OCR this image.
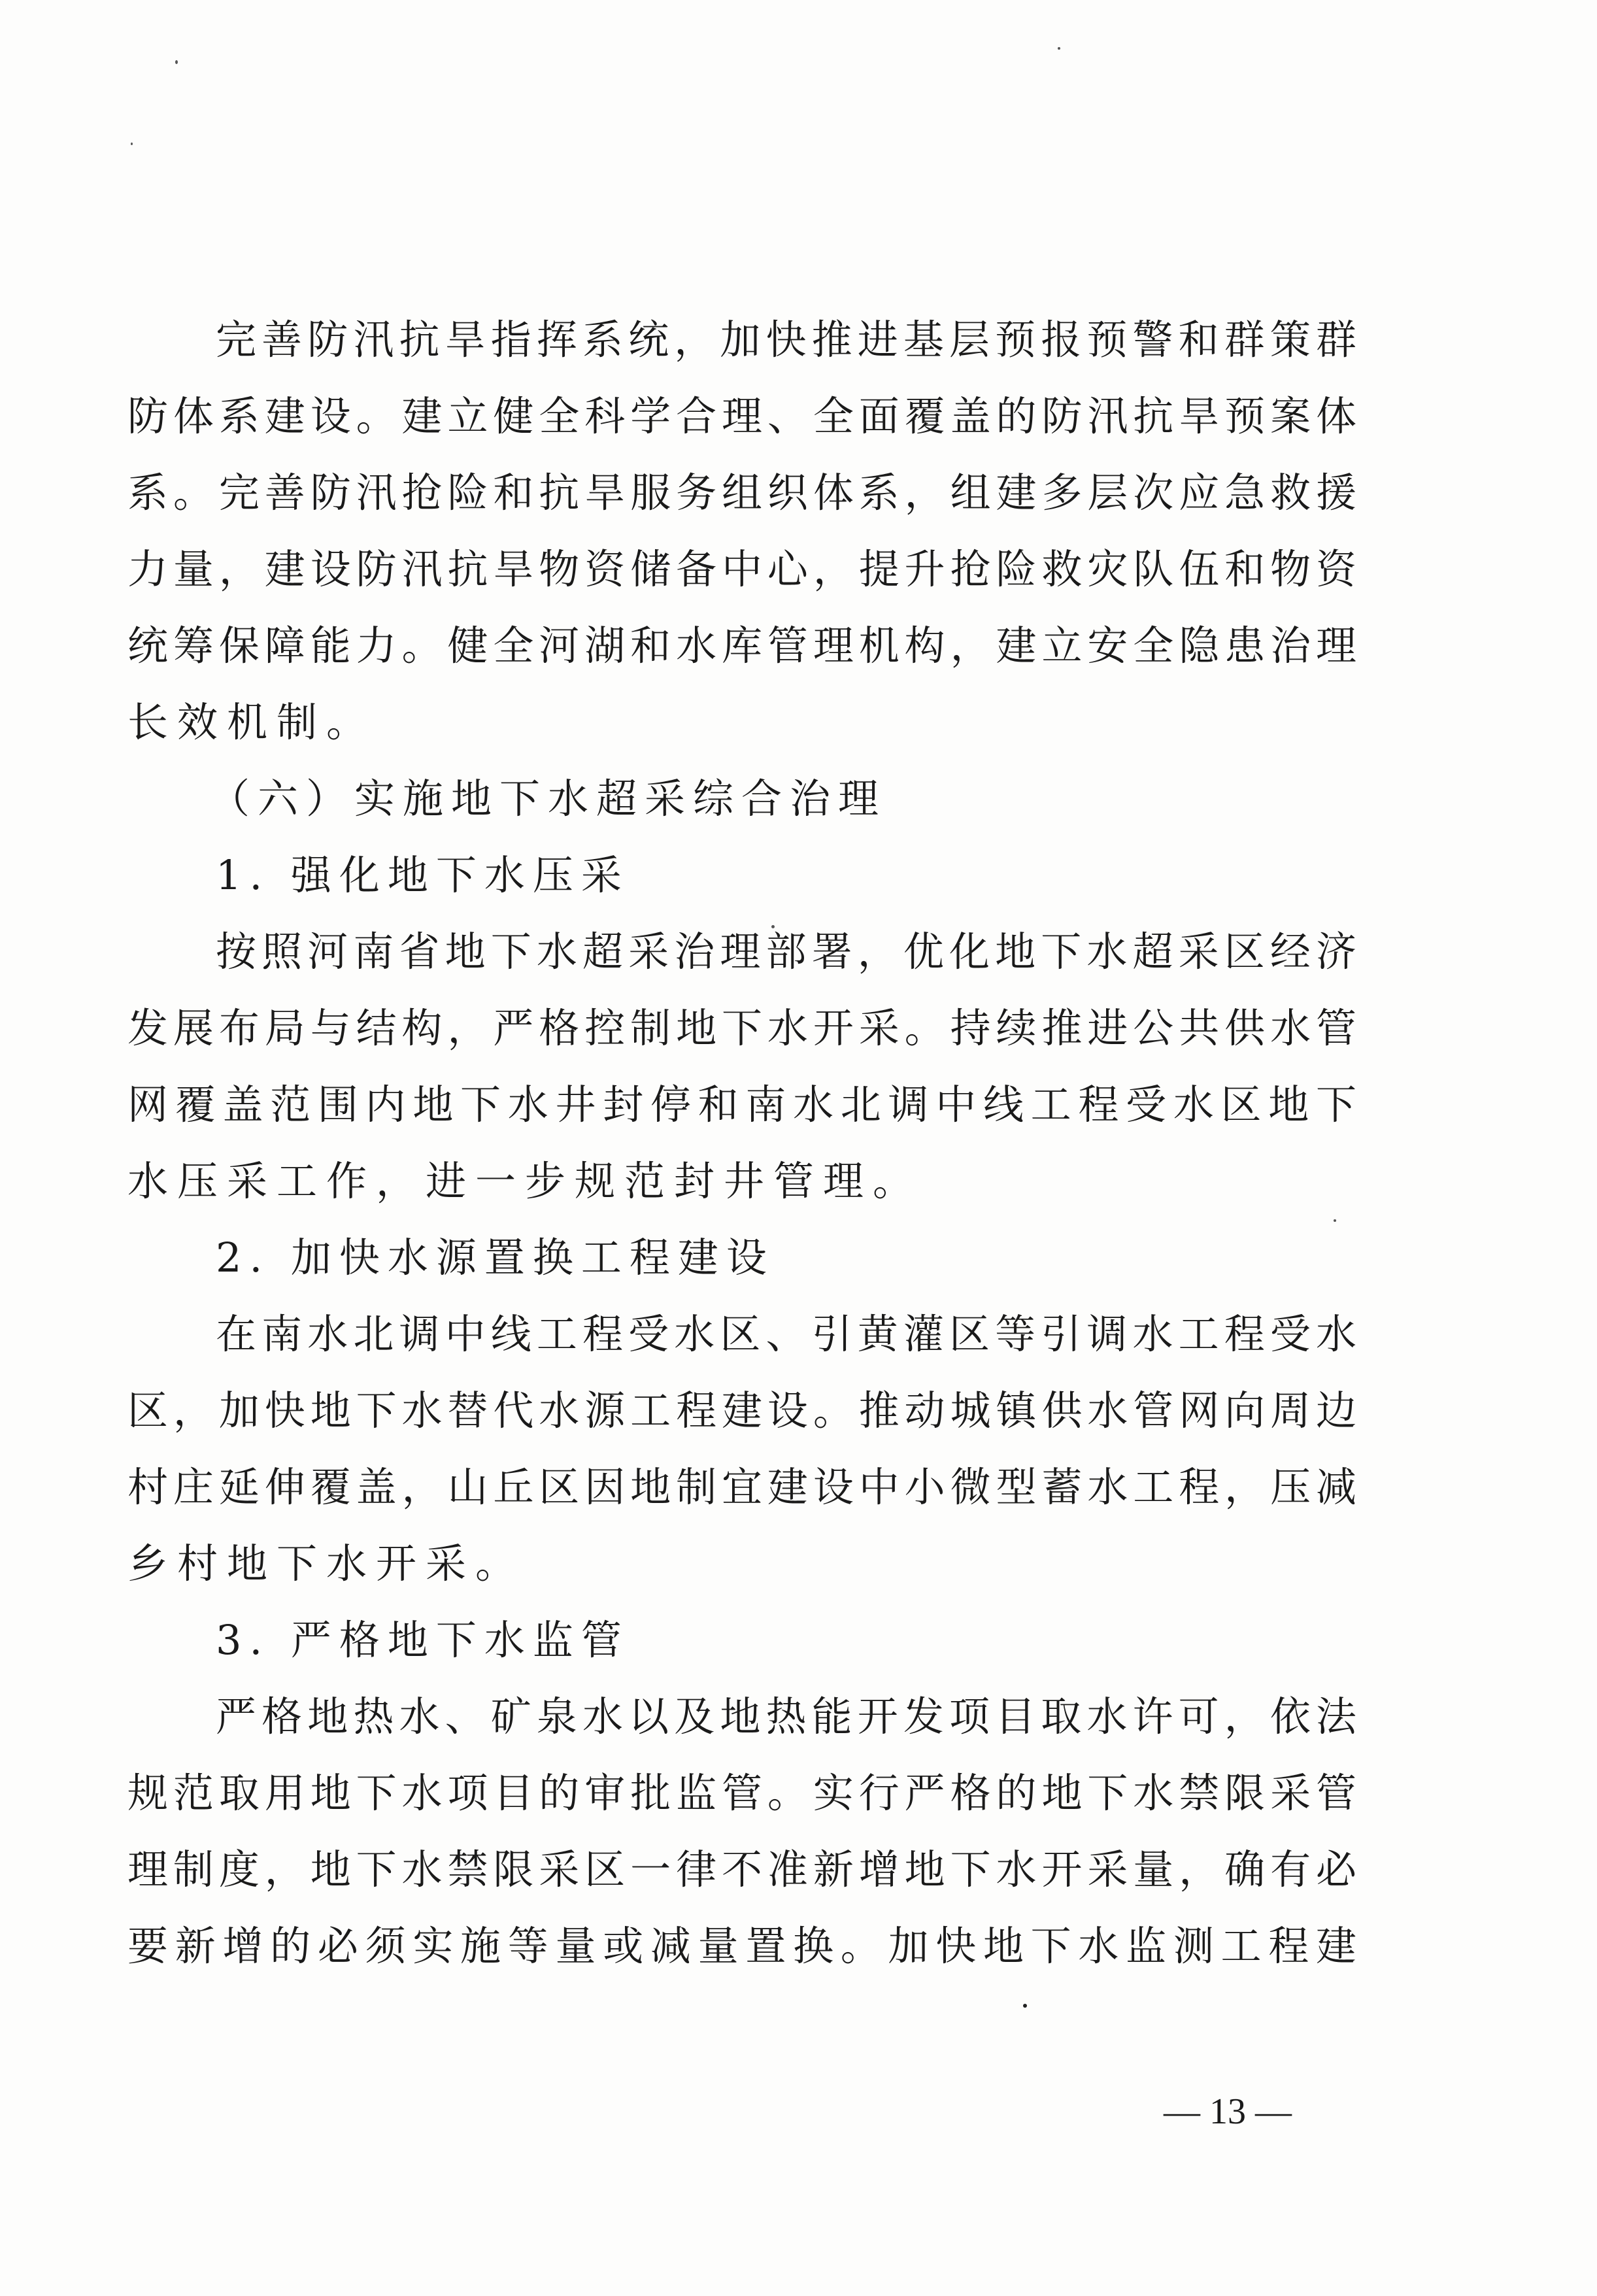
完善防汛抗旱指挥系统，加快推进基层预报预警和群策群
防体系建设。建立健全科学合理、全面覆盖的防汛抗旱预案体
系。完善防汛抢险和抗旱服务组织体系，组建多层次应急救援
力量，建设防汛抗旱物资储备中心，提升抢险救灾队伍和物资
统筹保障能力。健全河湖和水库管理机构，建立安全隐患治理
长效机制。
（六）实施地下水超采综合治理
1. 强化地下水压采
按照河南省地下水超采治理部署，优化地下水超采区经济
发展布局与结构，严格控制地下水开采。持续推进公共供水管
网覆盖范围内地下水井封停和南水北调中线工程受水区地下
水压采工作，进一步规范封井管理。
2. 加快水源置换工程建设
在南水北调中线工程受水区、引黄灌区等引调水工程受水
区，加快地下水替代水源工程建设。推动城镇供水管网向周边
村庄延伸覆盖，山丘区因地制宜建设中小微型蓄水工程，压减
乡村地下水开采。
3. 严格地下水监管
严格地热水、矿泉水以及地热能开发项目取水许可，依法
规范取用地下水项目的审批监管。实行严格的地下水禁限采管
理制度，地下水禁限采区一律不准新增地下水开采量，确有必
要新增的必须实施等量或减量置换。加快地下水监测工程建
— 13 —
